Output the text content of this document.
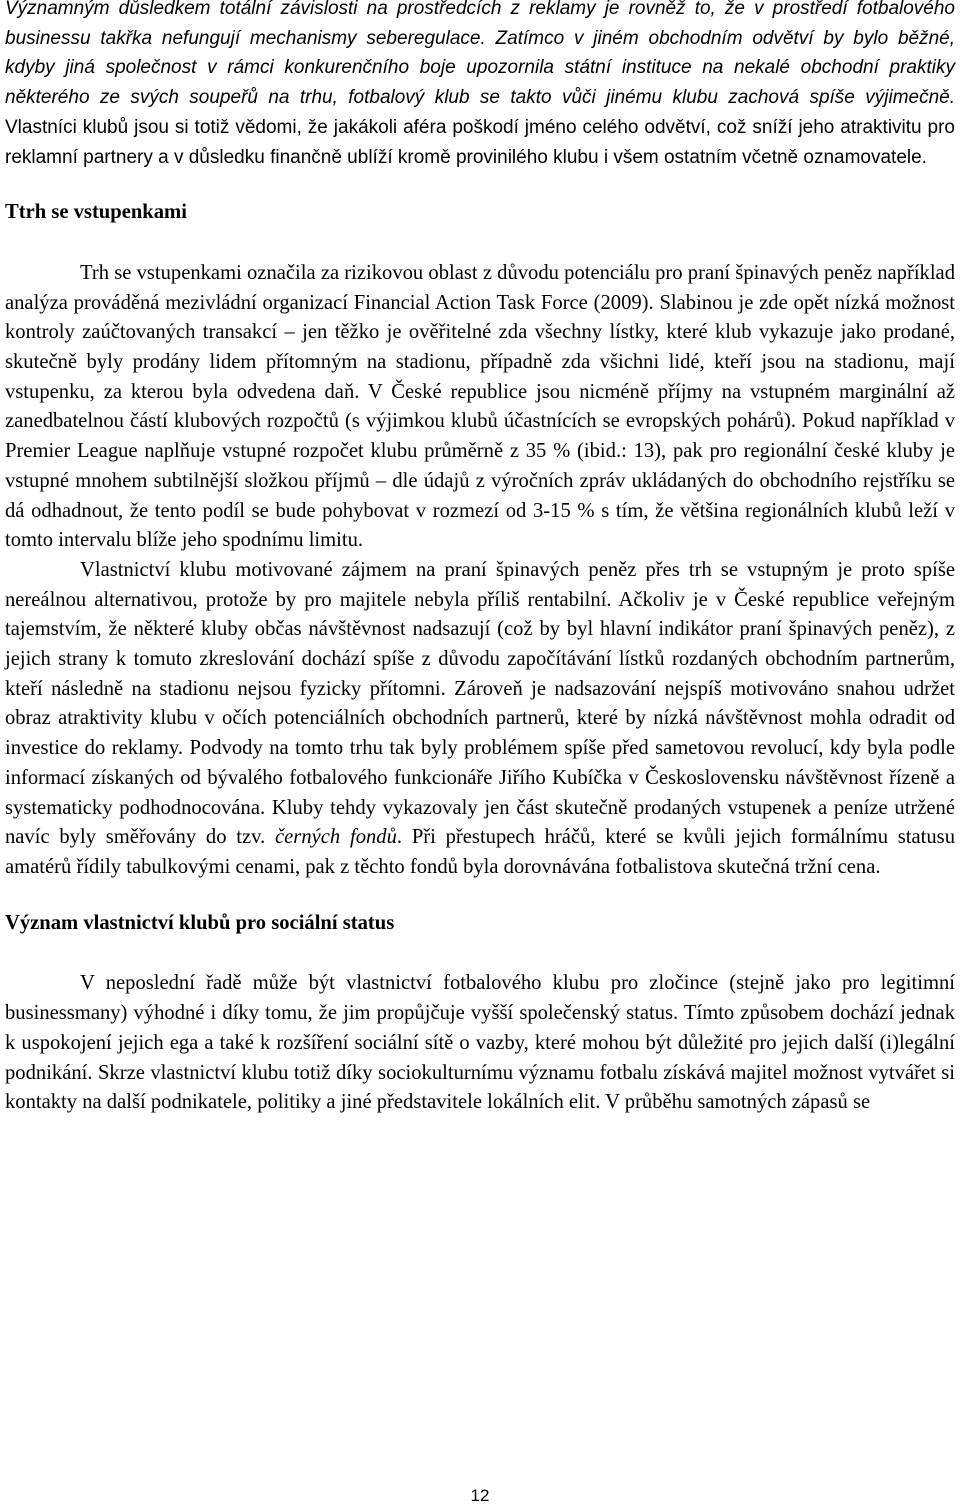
Významným důsledkem totální závislosti na prostředcích z reklamy je rovněž to, že v prostředí fotbalového businessu takřka nefungují mechanismy seberegulace. Zatímco v jiném obchodním odvětví by bylo běžné, kdyby jiná společnost v rámci konkurenčního boje upozornila státní instituce na nekalé obchodní praktiky některého ze svých soupeřů na trhu, fotbalový klub se takto vůči jinému klubu zachová spíše výjimečně. Vlastníci klubů jsou si totiž vědomi, že jakákoli aféra poškodí jméno celého odvětví, což sníží jeho atraktivitu pro reklamní partnery a v důsledku finančně ublíží kromě provinilého klubu i všem ostatním včetně oznamovatele.

Ttrh se vstupenkami

Trh se vstupenkami označila za rizikovou oblast z důvodu potenciálu pro praní špinavých peněz například analýza prováděná mezivládní organizací Financial Action Task Force (2009). Slabinou je zde opět nízká možnost kontroly zaúčtovaných transakcí – jen těžko je ověřitelné zda všechny lístky, které klub vykazuje jako prodané, skutečně byly prodány lidem přítomným na stadionu, případně zda všichni lidé, kteří jsou na stadionu, mají vstupenku, za kterou byla odvedena daň. V České republice jsou nicméně příjmy na vstupném marginální až zanedbatelnou částí klubových rozpočtů (s výjimkou klubů účastnících se evropských pohárů). Pokud například v Premier League naplňuje vstupné rozpočet klubu průměrně z 35 % (ibid.: 13), pak pro regionální české kluby je vstupné mnohem subtilnější složkou příjmů – dle údajů z výročních zpráv ukládaných do obchodního rejstříku se dá odhadnout, že tento podíl se bude pohybovat v rozmezí od 3-15 % s tím, že většina regionálních klubů leží v tomto intervalu blíže jeho spodnímu limitu.

Vlastnictví klubu motivované zájmem na praní špinavých peněz přes trh se vstupným je proto spíše nereálnou alternativou, protože by pro majitele nebyla příliš rentabilní. Ačkoliv je v České republice veřejným tajemstvím, že některé kluby občas návštěvnost nadsazují (což by byl hlavní indikátor praní špinavých peněz), z jejich strany k tomuto zkreslování dochází spíše z důvodu započítávání lístků rozdaných obchodním partnerům, kteří následně na stadionu nejsou fyzicky přítomni. Zároveň je nadsazování nejspíš motivováno snahou udržet obraz atraktivity klubu v očích potenciálních obchodních partnerů, které by nízká návštěvnost mohla odradit od investice do reklamy. Podvody na tomto trhu tak byly problémem spíše před sametovou revolucí, kdy byla podle informací získaných od bývalého fotbalového funkcionáře Jiřího Kubíčka v Československu návštěvnost řízeně a systematicky podhodnocována. Kluby tehdy vykazovaly jen část skutečně prodaných vstupenek a peníze utržené navíc byly směřovány do tzv. černých fondů. Při přestupech hráčů, které se kvůli jejich formálnímu statusu amatérů řídily tabulkovými cenami, pak z těchto fondů byla dorovnávána fotbalistova skutečná tržní cena.

Význam vlastnictví klubů pro sociální status

V neposlední řadě může být vlastnictví fotbalového klubu pro zločince (stejně jako pro legitimní businessmany) výhodné i díky tomu, že jim propůjčuje vyšší společenský status. Tímto způsobem dochází jednak k uspokojení jejich ega a také k rozšíření sociální sítě o vazby, které mohou být důležité pro jejich další (i)legální podnikání. Skrze vlastnictví klubu totiž díky sociokulturnímu významu fotbalu získává majitel možnost vytvářet si kontakty na další podnikatele, politiky a jiné představitele lokálních elit. V průběhu samotných zápasů se

12
